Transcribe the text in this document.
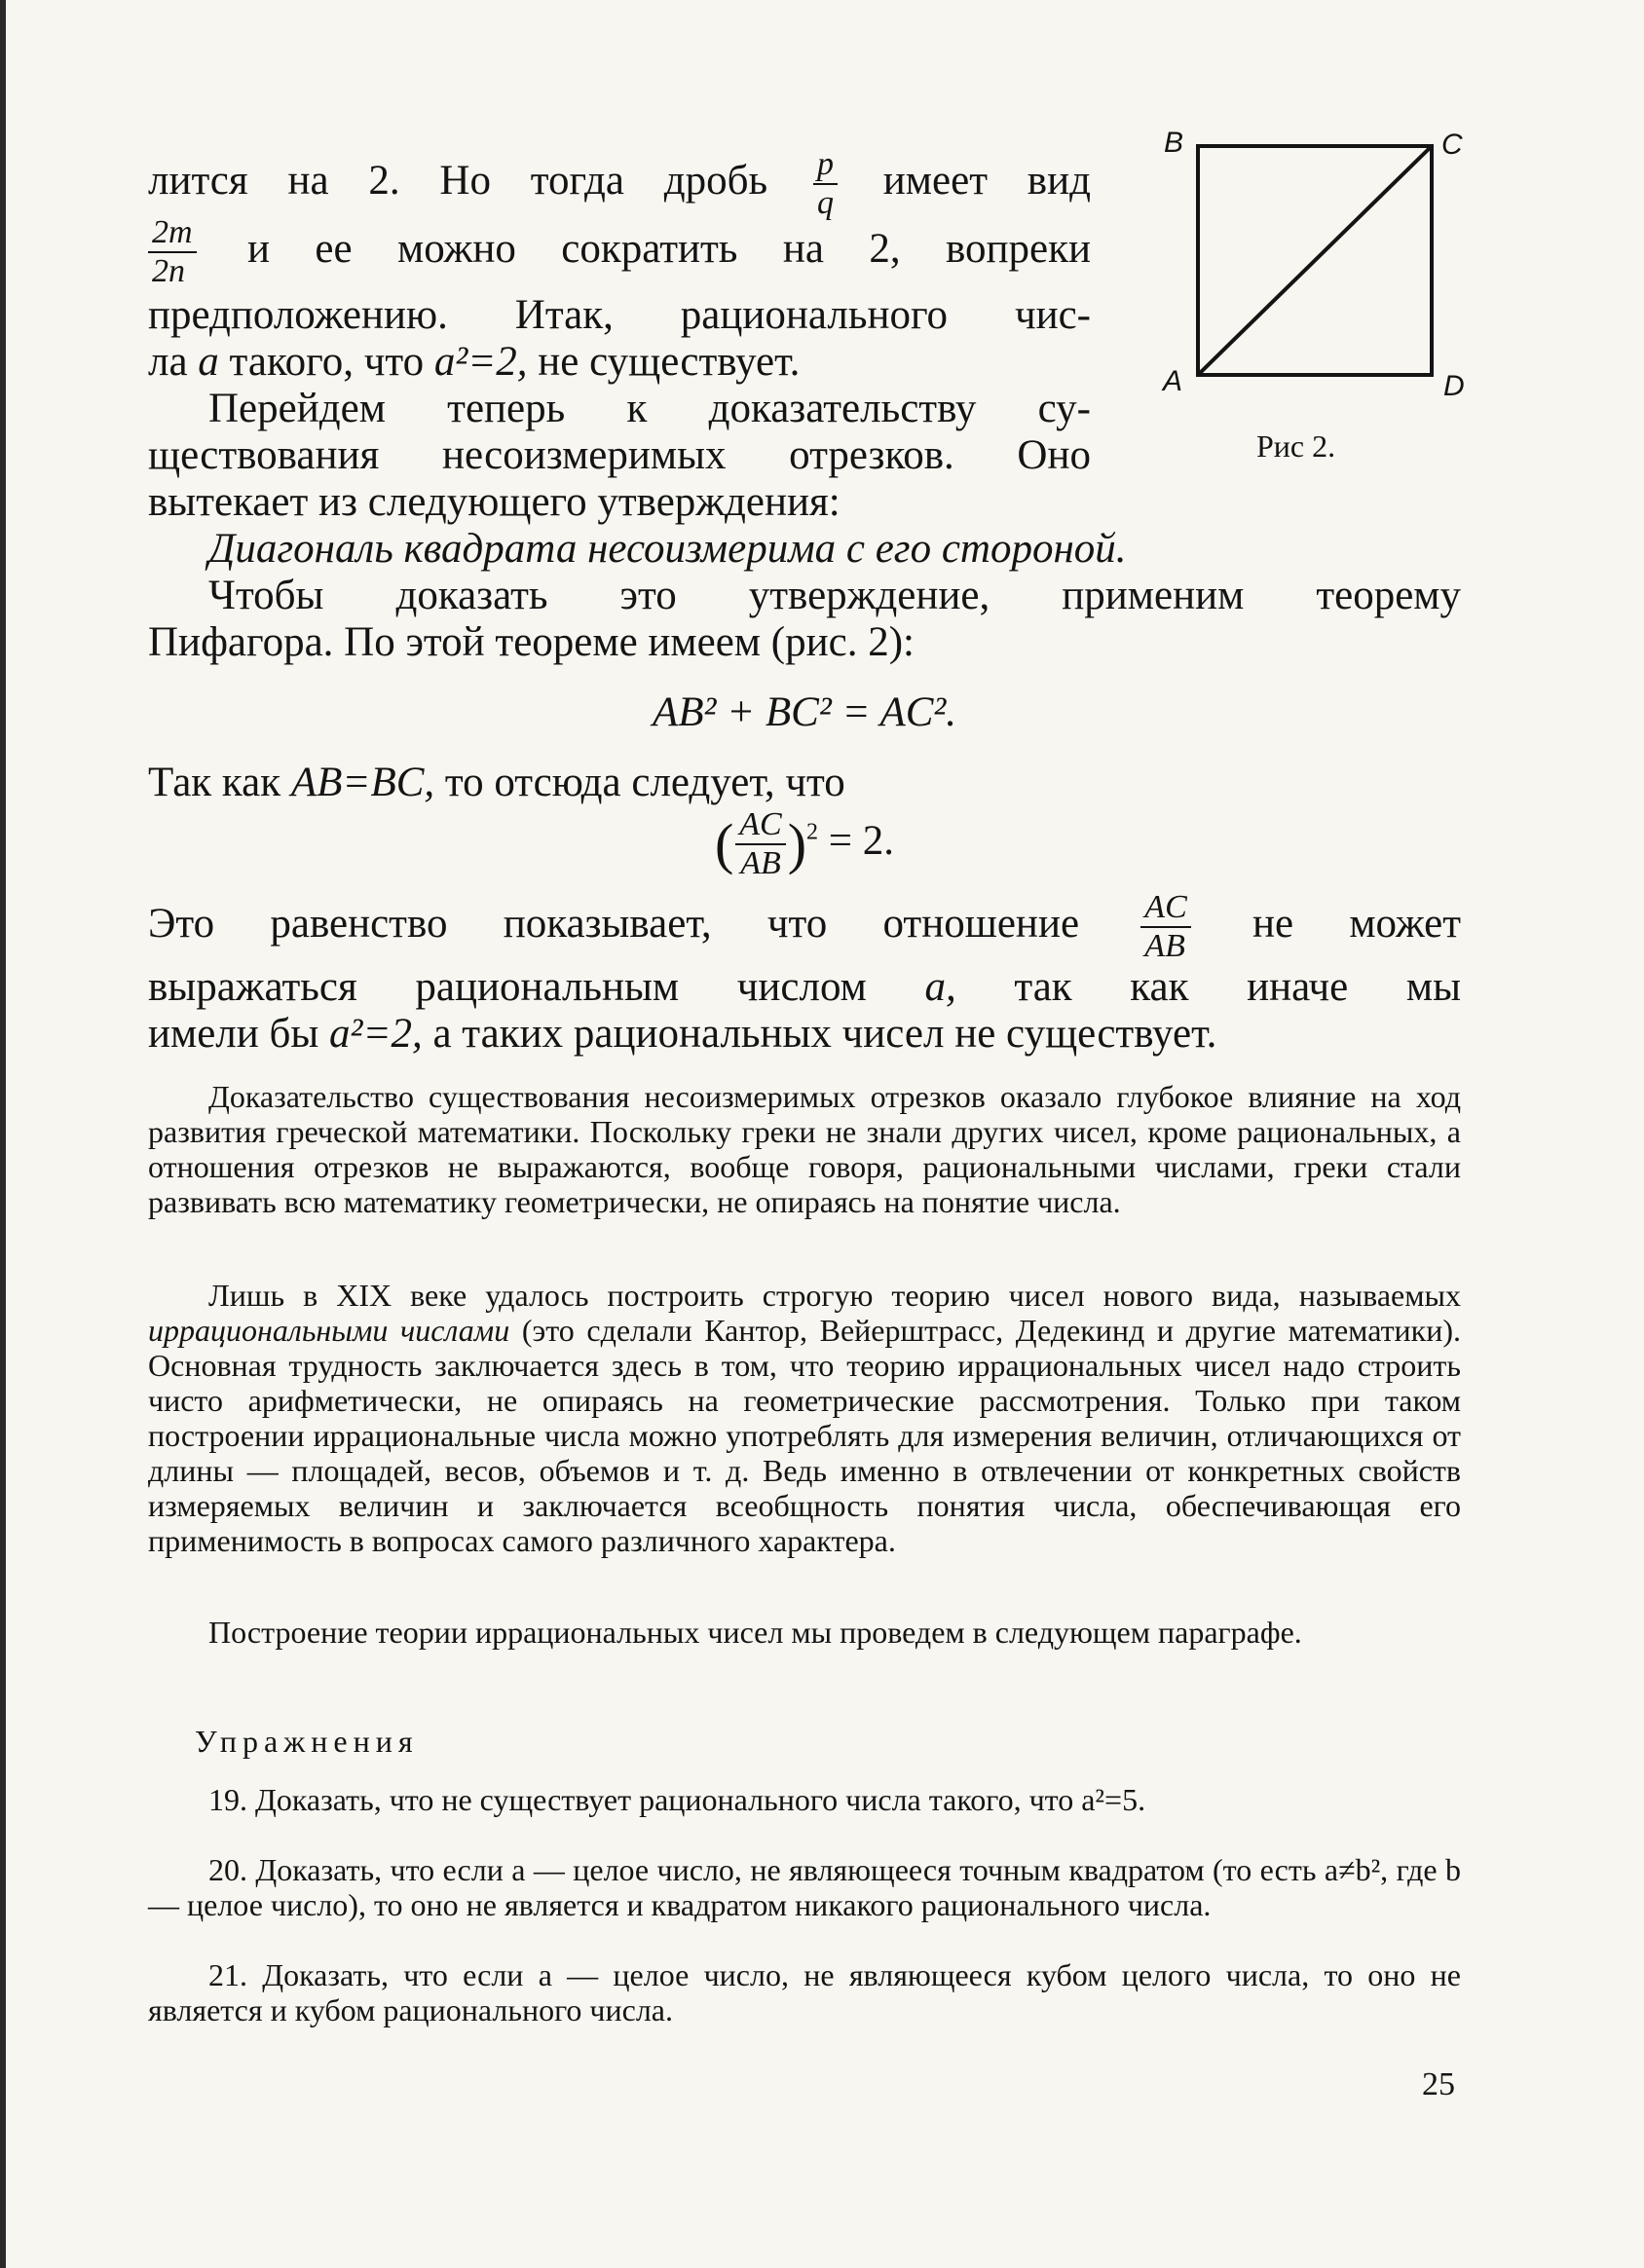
B	C
A	D
Рис 2.
лится на 2. Но тогда дробь $\frac{p}{q}$ имеет вид
$\frac{2m}{2n}$ и ее можно сократить на 2, вопреки
предположению. Итак, рационального чис-
ла a такого, что a²=2, не существует.
Перейдем теперь к доказательству су-
ществования несоизмеримых отрезков. Оно
вытекает из следующего утверждения:
Диагональ квадрата несоизмерима с его стороной.
Чтобы доказать это утверждение, применим теорему
Пифагора. По этой теореме имеем (рис. 2):
AB² + BC² = AC².
Так как AB=BC, то отсюда следует, что
( $\frac{AC}{AB} )^2 = 2$.
Это равенство показывает, что отношение $\frac{AC}{AB}$ не может
выражаться рациональным числом a, так как иначе мы
имели бы a²=2, а таких рациональных чисел не существует.
Доказательство существования несоизмеримых отрезков оказало глубокое влияние на ход развития греческой математики. Поскольку греки не знали других чисел, кроме рациональных, а отношения отрезков не выражаются, вообще говоря, рациональными числами, греки стали развивать всю математику геометрически, не опираясь на понятие числа.
Лишь в XIX веке удалось построить строгую теорию чисел нового вида, называемых иррациональными числами (это сделали Кантор, Вейерштрасс, Дедекинд и другие математики). Основная трудность заключается здесь в том, что теорию иррациональных чисел надо строить чисто арифметически, не опираясь на геометрические рассмотрения. Только при таком построении иррациональные числа можно употреблять для измерения величин, отличающихся от длины — площадей, весов, объемов и т. д. Ведь именно в отвлечении от конкретных свойств измеряемых величин и заключается всеобщность понятия числа, обеспечивающая его применимость в вопросах самого различного характера.
Построение теории иррациональных чисел мы проведем в следующем параграфе.
Упражнения
19. Доказать, что не существует рационального числа такого, что a²=5.
20. Доказать, что если a — целое число, не являющееся точным квадратом (то есть a≠b², где b — целое число), то оно не является и квадратом никакого рационального числа.
21. Доказать, что если a — целое число, не являющееся кубом целого числа, то оно не является и кубом рационального числа.
25
